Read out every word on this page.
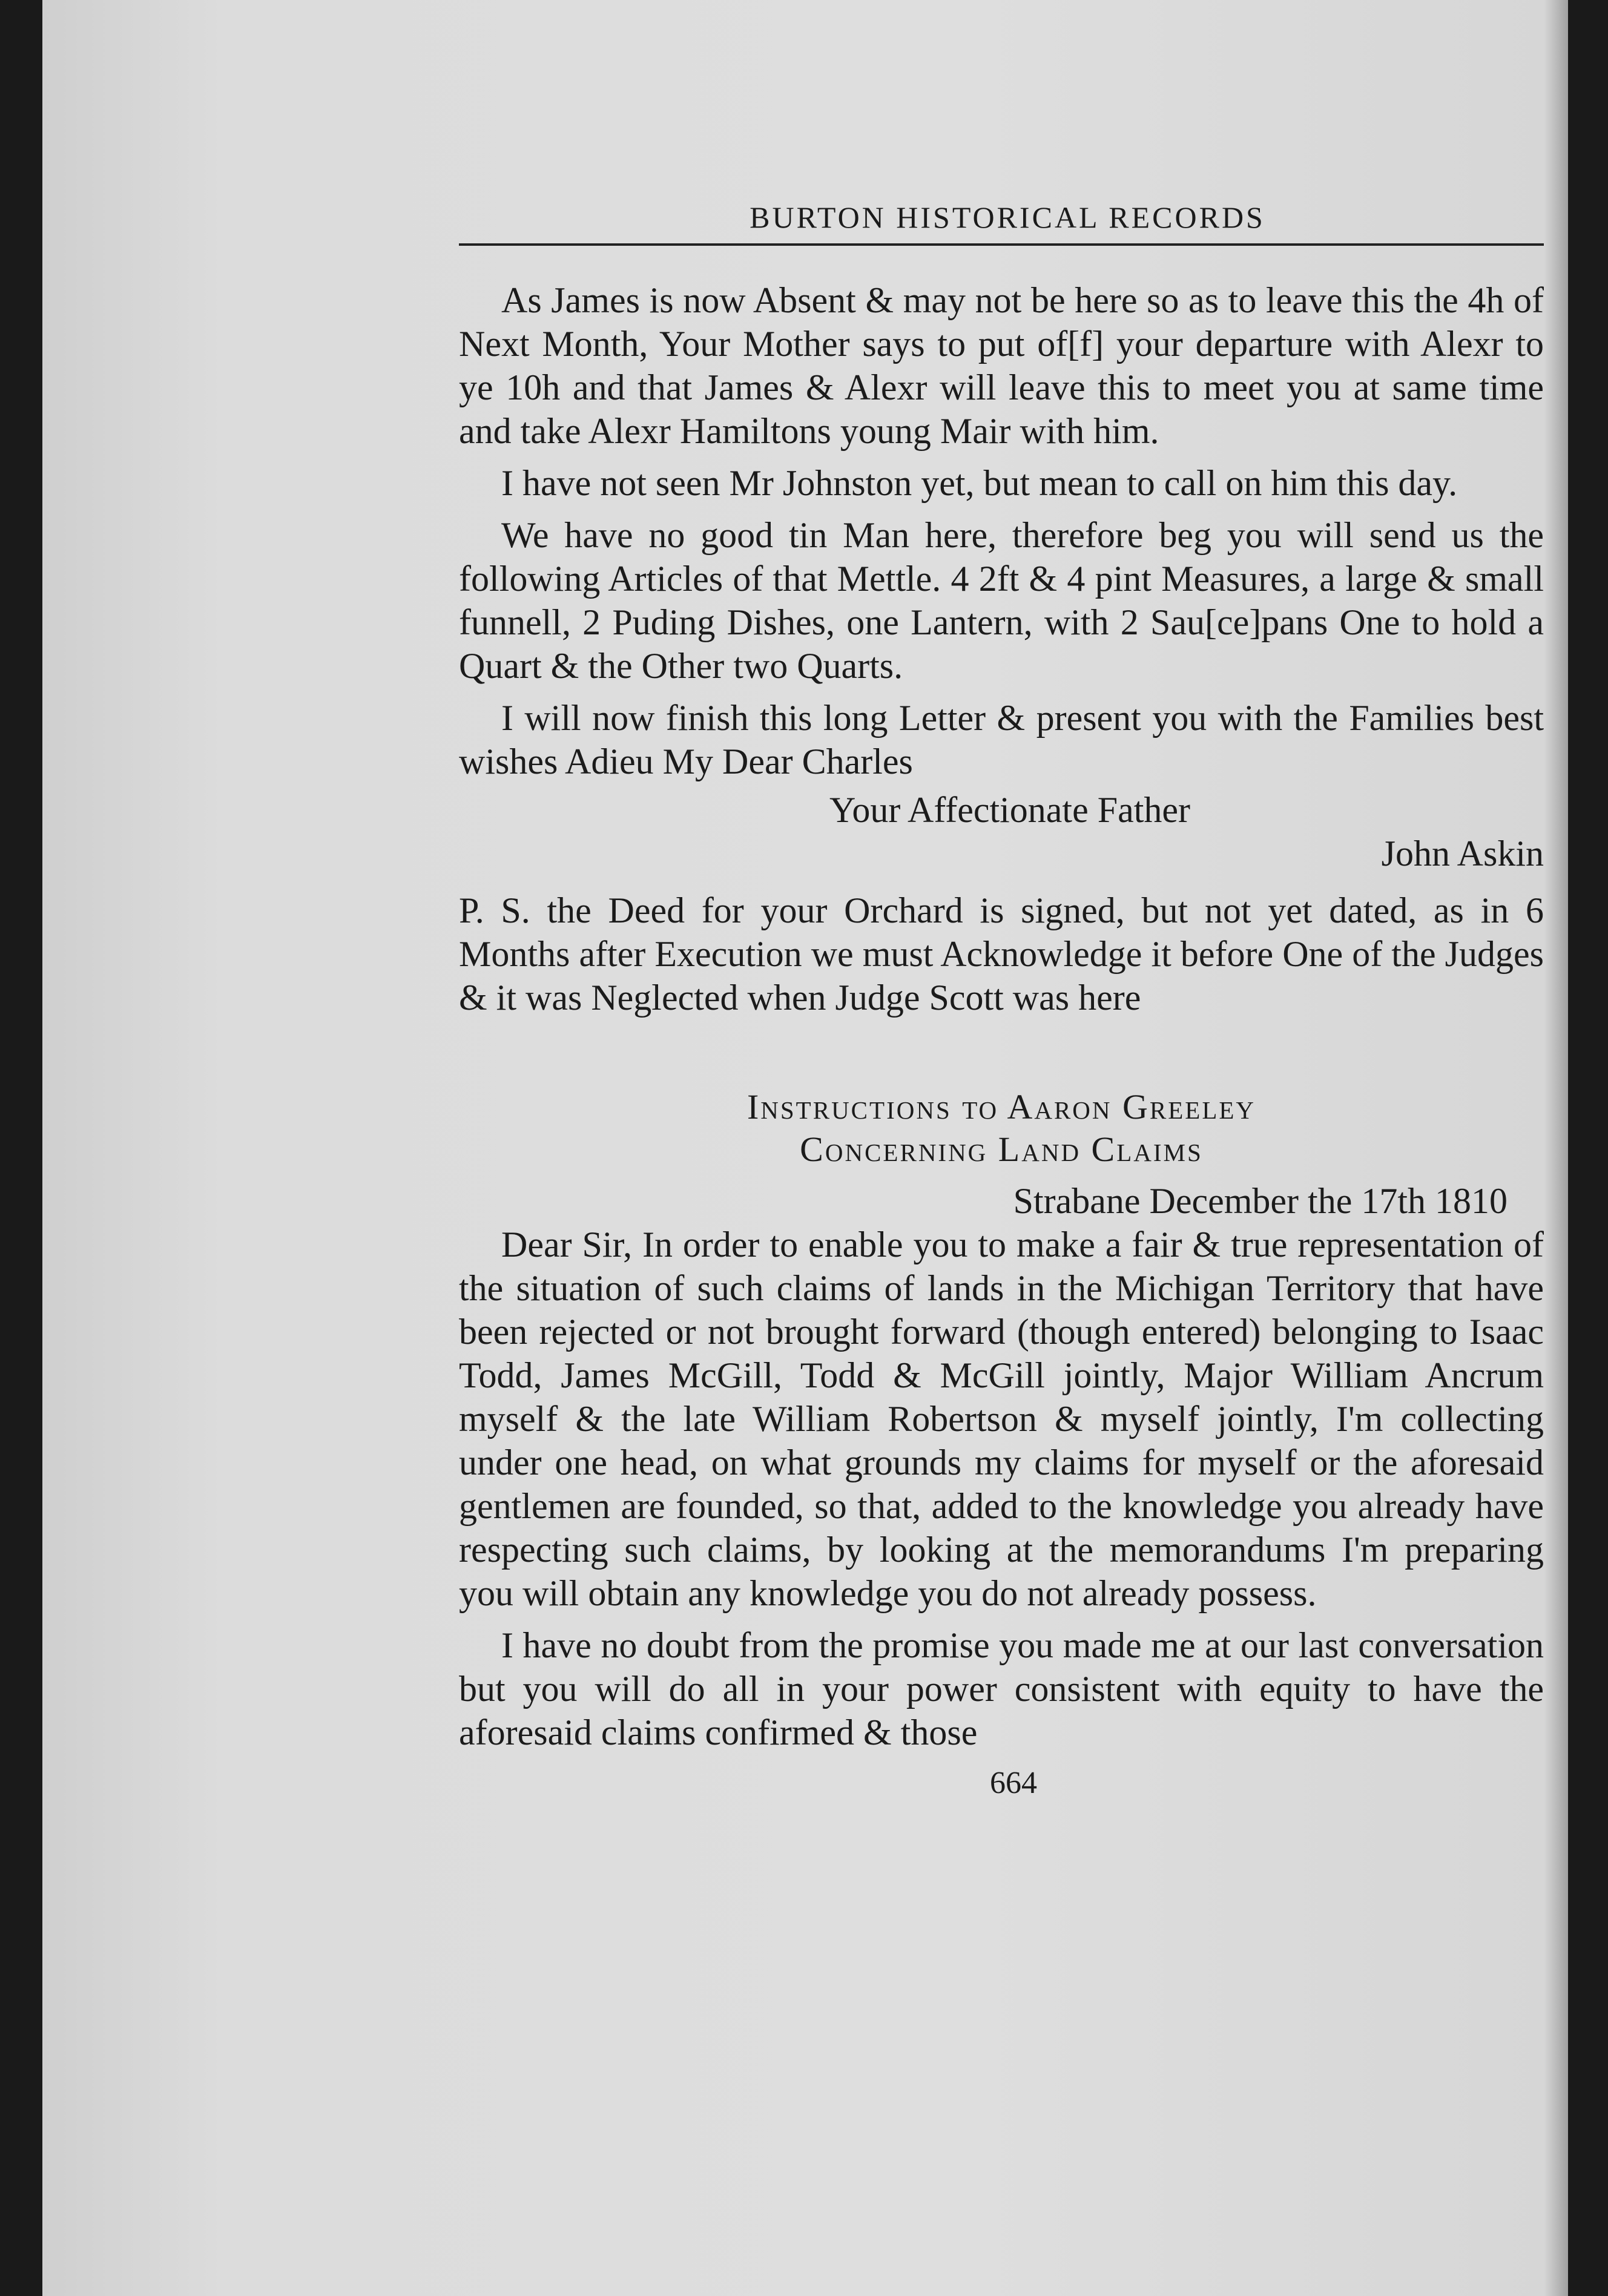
BURTON HISTORICAL RECORDS

As James is now Absent & may not be here so as to leave this the 4h of Next Month, Your Mother says to put of[f] your departure with Alexr to ye 10h and that James & Alexr will leave this to meet you at same time and take Alexr Hamiltons young Mair with him.

I have not seen Mr Johnston yet, but mean to call on him this day.

We have no good tin Man here, therefore beg you will send us the following Articles of that Mettle. 4 2ft & 4 pint Measures, a large & small funnell, 2 Puding Dishes, one Lantern, with 2 Sau[ce]pans One to hold a Quart & the Other two Quarts.

I will now finish this long Letter & present you with the Families best wishes Adieu My Dear Charles

Your Affectionate Father

John Askin

P. S. the Deed for your Orchard is signed, but not yet dated, as in 6 Months after Execution we must Acknowledge it before One of the Judges & it was Neglected when Judge Scott was here

Instructions to Aaron Greeley
Concerning Land Claims
Strabane December the 17th 1810

Dear Sir, In order to enable you to make a fair & true representation of the situation of such claims of lands in the Michigan Territory that have been rejected or not brought forward (though entered) belonging to Isaac Todd, James McGill, Todd & McGill jointly, Major William Ancrum myself & the late William Robertson & myself jointly, I'm collecting under one head, on what grounds my claims for myself or the aforesaid gentlemen are founded, so that, added to the knowledge you already have respecting such claims, by looking at the memorandums I'm preparing you will obtain any knowledge you do not already possess.

I have no doubt from the promise you made me at our last conversation but you will do all in your power consistent with equity to have the aforesaid claims confirmed & those

664
